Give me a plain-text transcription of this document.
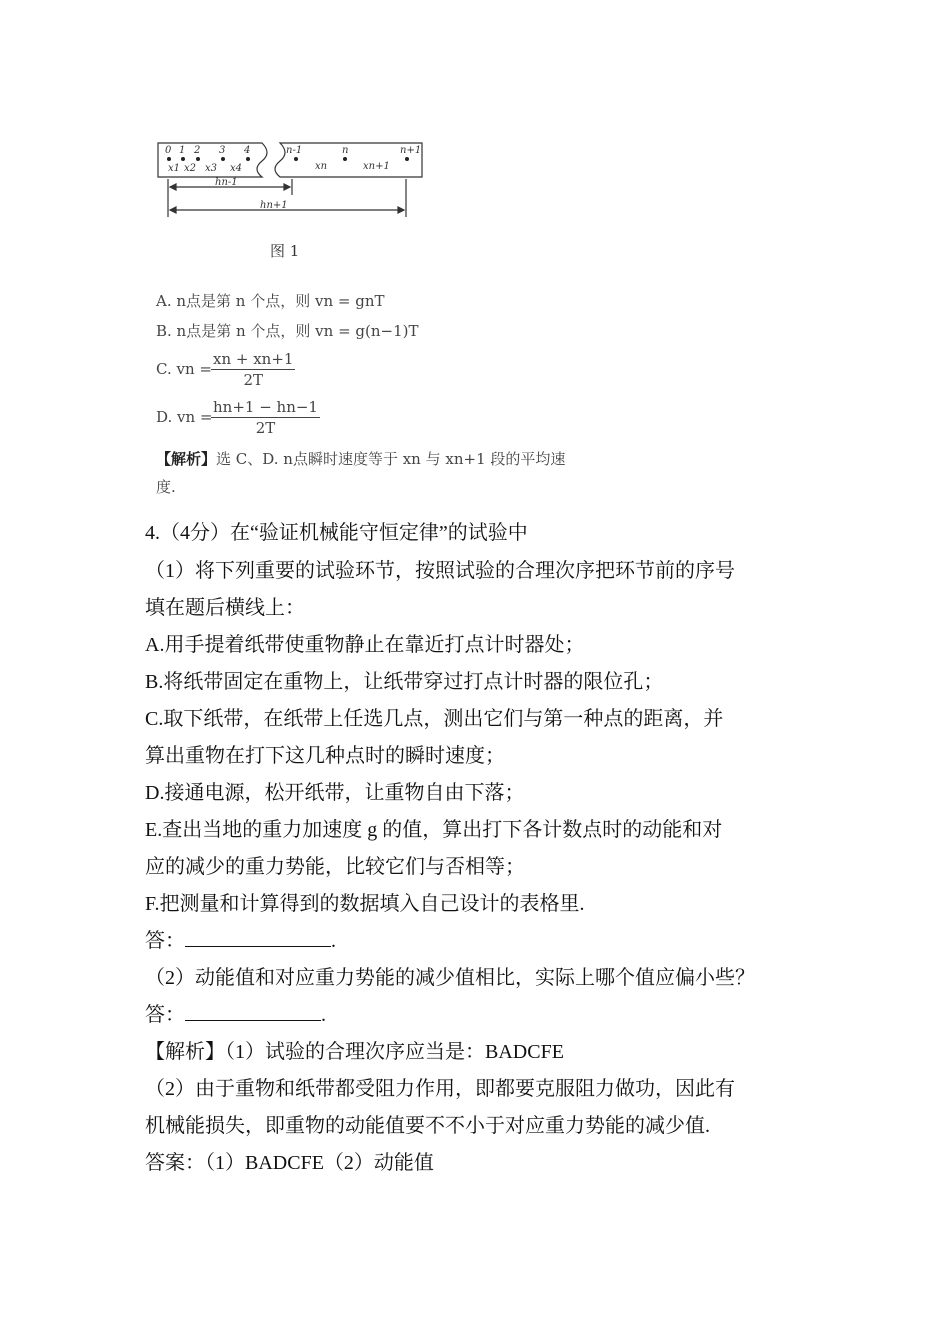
0 1 2 3 4
x1 x2 x3 x4
n-1	n	n+1
xn	xn+1
hn-1
hn+1
图 1
A. n点是第 n 个点，则 vn = gnT
B. n点是第 n 个点，则 vn = g(n−1)T
C. vn = $\frac{xn + xn+1}{2T}$
D. vn =
$\frac{hn+1 - hn-1}{2T}$
【解析】选 C、D. n点瞬时速度等于 xn 与 xn+1 段的平均速
度.
4.（4分）在“验证机械能守恒定律”的试验中
（1）将下列重要的试验环节，按照试验的合理次序把环节前的序号
填在题后横线上：
A.用手提着纸带使重物静止在靠近打点计时器处；
B.将纸带固定在重物上，让纸带穿过打点计时器的限位孔；
C.取下纸带，在纸带上任选几点，测出它们与第一种点的距离，并
算出重物在打下这几种点时的瞬时速度；
D.接通电源，松开纸带，让重物自由下落；
E.查出当地的重力加速度 g 的值，算出打下各计数点时的动能和对
应的减少的重力势能，比较它们与否相等；
F.把测量和计算得到的数据填入自己设计的表格里.
答：	.
（2）动能值和对应重力势能的减少值相比，实际上哪个值应偏小些？
答：	.
【解析】（1）试验的合理次序应当是：BADCFE
（2）由于重物和纸带都受阻力作用，即都要克服阻力做功，因此有
机械能损失，即重物的动能值要不不小于对应重力势能的减少值.
答案：（1）BADCFE（2）动能值
